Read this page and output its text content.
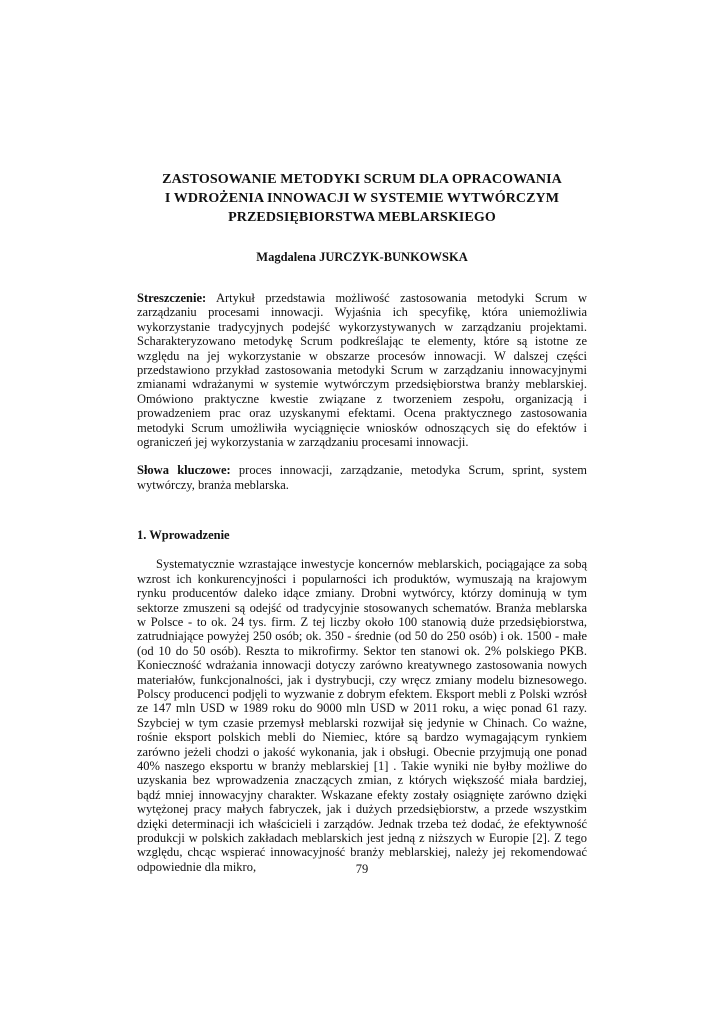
ZASTOSOWANIE METODYKI SCRUM DLA OPRACOWANIA
I WDROŻENIA INNOWACJI W SYSTEMIE WYTWÓRCZYM
PRZEDSIĘBIORSTWA MEBLARSKIEGO
Magdalena JURCZYK-BUNKOWSKA

Streszczenie: Artykuł przedstawia możliwość zastosowania metodyki Scrum w zarządzaniu procesami innowacji. Wyjaśnia ich specyfikę, która uniemożliwia wykorzystanie tradycyjnych podejść wykorzystywanych w zarządzaniu projektami. Scharakteryzowano metodykę Scrum podkreślając te elementy, które są istotne ze względu na jej wykorzystanie w obszarze procesów innowacji. W dalszej części przedstawiono przykład zastosowania metodyki Scrum w zarządzaniu innowacyjnymi zmianami wdrażanymi w systemie wytwórczym przedsiębiorstwa branży meblarskiej. Omówiono praktyczne kwestie związane z tworzeniem zespołu, organizacją i prowadzeniem prac oraz uzyskanymi efektami. Ocena praktycznego zastosowania metodyki Scrum umożliwiła wyciągnięcie wniosków odnoszących się do efektów i ograniczeń jej wykorzystania w zarządzaniu procesami innowacji.

Słowa kluczowe: proces innowacji, zarządzanie, metodyka Scrum, sprint, system wytwórczy, branża meblarska.

1. Wprowadzenie

Systematycznie wzrastające inwestycje koncernów meblarskich, pociągające za sobą wzrost ich konkurencyjności i popularności ich produktów, wymuszają na krajowym rynku producentów daleko idące zmiany. Drobni wytwórcy, którzy dominują w tym sektorze zmuszeni są odejść od tradycyjnie stosowanych schematów. Branża meblarska w Polsce - to ok. 24 tys. firm. Z tej liczby około 100 stanowią duże przedsiębiorstwa, zatrudniające powyżej 250 osób; ok. 350 - średnie (od 50 do 250 osób) i ok. 1500 - małe (od 10 do 50 osób). Reszta to mikrofirmy. Sektor ten stanowi ok. 2% polskiego PKB. Konieczność wdrażania innowacji dotyczy zarówno kreatywnego zastosowania nowych materiałów, funkcjonalności, jak i dystrybucji, czy wręcz zmiany modelu biznesowego. Polscy producenci podjęli to wyzwanie z dobrym efektem. Eksport mebli z Polski wzrósł ze 147 mln USD w 1989 roku do 9000 mln USD w 2011 roku, a więc ponad 61 razy. Szybciej w tym czasie przemysł meblarski rozwijał się jedynie w Chinach. Co ważne, rośnie eksport polskich mebli do Niemiec, które są bardzo wymagającym rynkiem zarówno jeżeli chodzi o jakość wykonania, jak i obsługi. Obecnie przyjmują one ponad 40% naszego eksportu w branży meblarskiej [1] . Takie wyniki nie byłby możliwe do uzyskania bez wprowadzenia znaczących zmian, z których większość miała bardziej, bądź mniej innowacyjny charakter. Wskazane efekty zostały osiągnięte zarówno dzięki wytężonej pracy małych fabryczek, jak i dużych przedsiębiorstw, a przede wszystkim dzięki determinacji ich właścicieli i zarządów. Jednak trzeba też dodać, że efektywność produkcji w polskich zakładach meblarskich jest jedną z niższych w Europie [2]. Z tego względu, chcąc wspierać innowacyjność branży meblarskiej, należy jej rekomendować odpowiednie dla mikro,	79
